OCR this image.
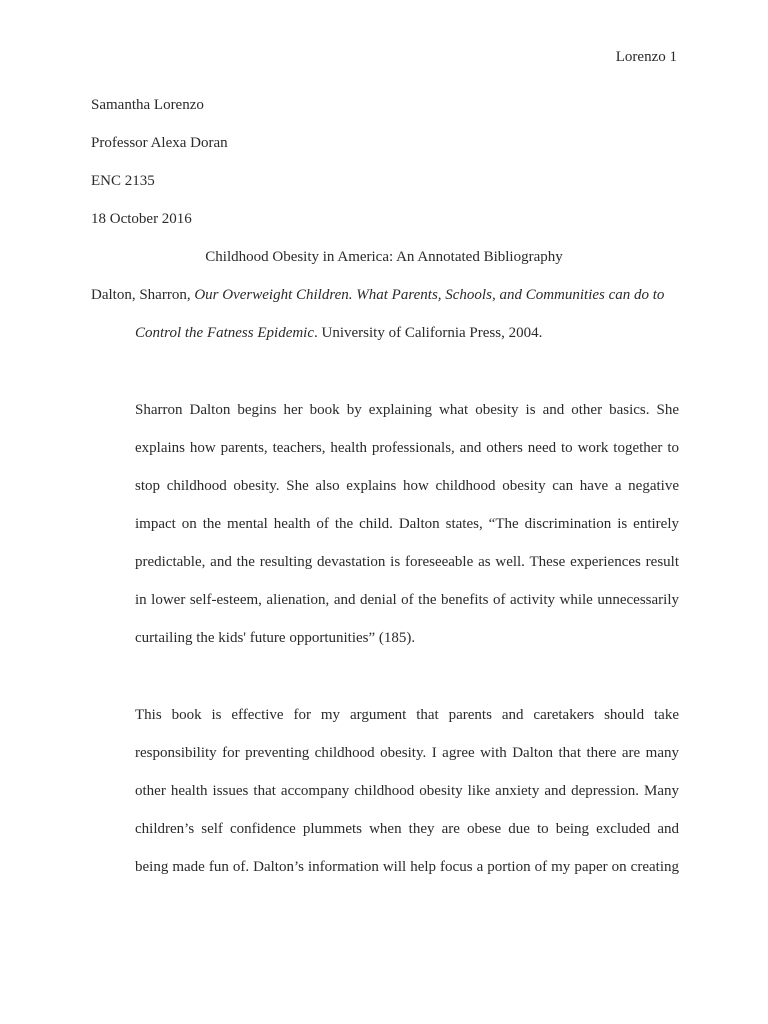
Lorenzo 1
Samantha Lorenzo
Professor Alexa Doran
ENC 2135
18 October 2016
Childhood Obesity in America: An Annotated Bibliography
Dalton, Sharron, Our Overweight Children. What Parents, Schools, and Communities can do to
Control the Fatness Epidemic. University of California Press, 2004.
Sharron Dalton begins her book by explaining what obesity is and other basics. She
explains how parents, teachers, health professionals, and others need to work together to
stop childhood obesity. She also explains how childhood obesity can have a negative
impact on the mental health of the child. Dalton states, “The discrimination is entirely
predictable, and the resulting devastation is foreseeable as well. These experiences result
in lower self-esteem, alienation, and denial of the benefits of activity while unnecessarily
curtailing the kids' future opportunities” (185).
This book is effective for my argument that parents and caretakers should take
responsibility for preventing childhood obesity. I agree with Dalton that there are many
other health issues that accompany childhood obesity like anxiety and depression. Many
children’s self confidence plummets when they are obese due to being excluded and
being made fun of. Dalton’s information will help focus a portion of my paper on creating
